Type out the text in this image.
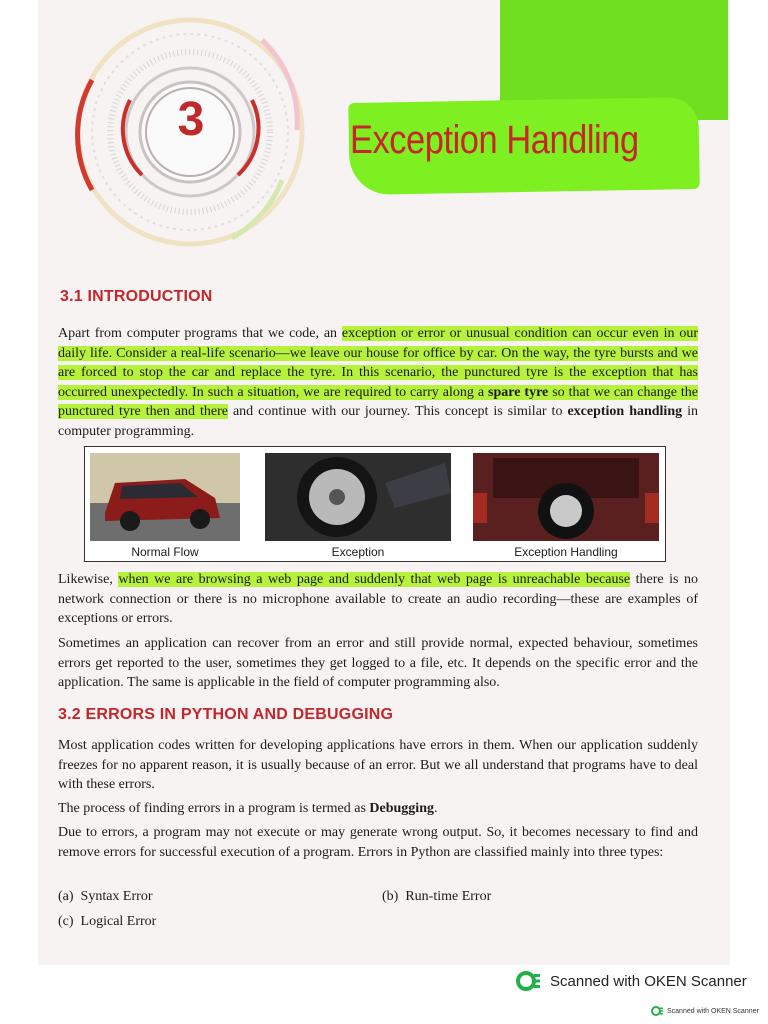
3	Exception Handling
3.1 INTRODUCTION
Apart from computer programs that we code, an exception or error or unusual condition can occur even in our daily life. Consider a real-life scenario—we leave our house for office by car. On the way, the tyre bursts and we are forced to stop the car and replace the tyre. In this scenario, the punctured tyre is the exception that has occurred unexpectedly. In such a situation, we are required to carry along a spare tyre so that we can change the punctured tyre then and there and continue with our journey. This concept is similar to exception handling in computer programming.
Normal Flow	Exception	Exception Handling
Likewise, when we are browsing a web page and suddenly that web page is unreachable because there is no network connection or there is no microphone available to create an audio recording—these are examples of exceptions or errors.
Sometimes an application can recover from an error and still provide normal, expected behaviour, sometimes errors get reported to the user, sometimes they get logged to a file, etc. It depends on the specific error and the application. The same is applicable in the field of computer programming also.
3.2 ERRORS IN PYTHON AND DEBUGGING
Most application codes written for developing applications have errors in them. When our application suddenly freezes for no apparent reason, it is usually because of an error. But we all understand that programs have to deal with these errors.
The process of finding errors in a program is termed as Debugging.
Due to errors, a program may not execute or may generate wrong output. So, it becomes necessary to find and remove errors for successful execution of a program. Errors in Python are classified mainly into three types:
(a) Syntax Error	(b) Run-time Error
(c) Logical Error
Scanned with OKEN Scanner
Scanned with OKEN Scanner
